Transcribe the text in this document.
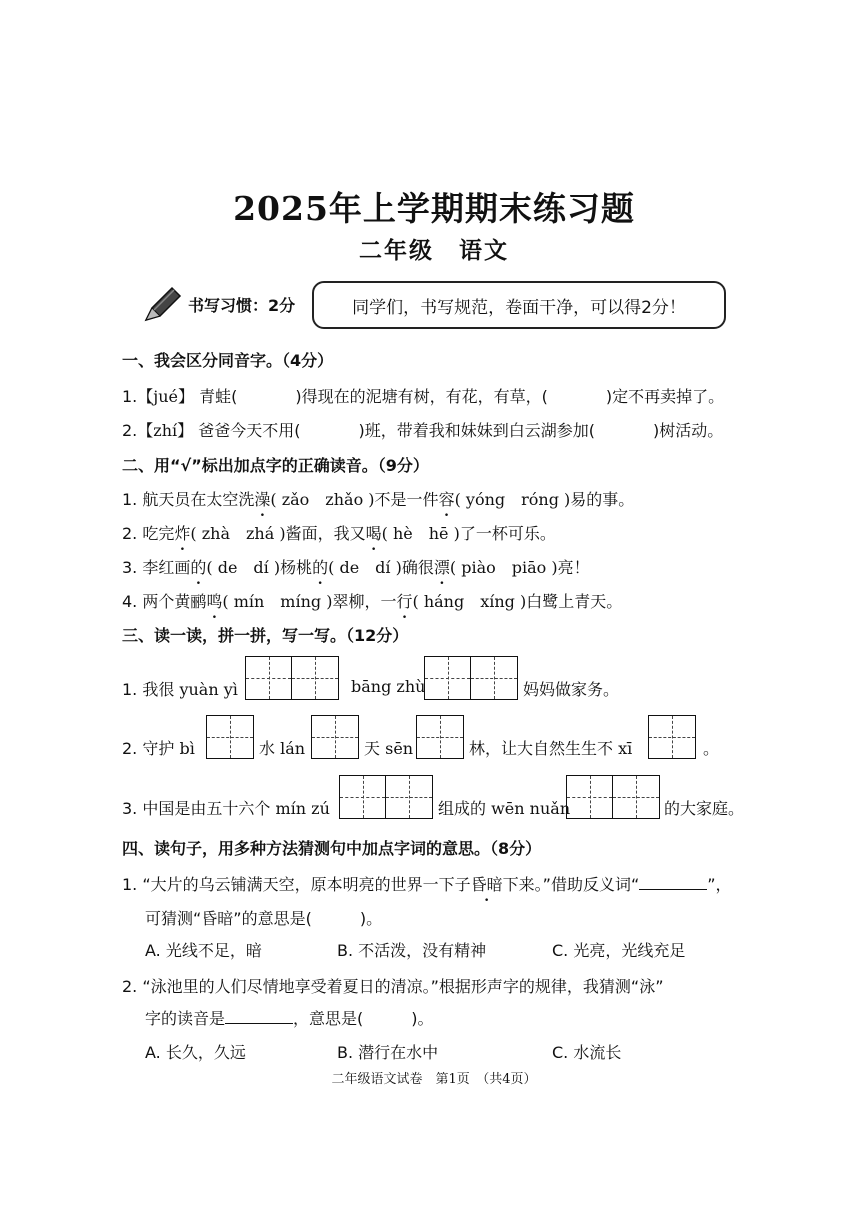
2025年上学期期末练习题
二年级　语文
书写习惯：2分	同学们，书写规范，卷面干净，可以得2分！
一、我会区分同音字。（4分）
1.【jué】 青蛙(	)得现在的泥塘有树，有花，有草，(	)定不再卖掉了。
2.【zhí】 爸爸今天不用(	)班，带着我和妹妹到白云湖参加(	)树活动。
二、用“√”标出加点字的正确读音。（9分）
1. 航天员在太空洗澡( zǎo　zhǎo )不是一件容( yóng　róng )易的事。
2. 吃完炸( zhà　zhá )酱面，我又喝( hè　hē )了一杯可乐。
3. 李红画的( de　dí )杨桃的( de　dí )确很漂( piào　piāo )亮！
4. 两个黄鹂鸣( mín　míng )翠柳，一行( háng　xíng )白鹭上青天。
三、读一读，拼一拼，写一写。（12分）
1. 我很 yuàn yì	bāng zhù	妈妈做家务。
2. 守护 bì	水 lán	天 sēn	林，让大自然生生不 xī	。
3. 中国是由五十六个 mín zú	组成的 wēn nuǎn	的大家庭。
四、读句子，用多种方法猜测句中加点字词的意思。（8分）
1. “大片的乌云铺满天空，原本明亮的世界一下子昏暗下来。”借助反义词“	”，
可猜测“昏暗”的意思是(　　　)。
A. 光线不足，暗	B. 不活泼，没有精神	C. 光亮，光线充足
2. “泳池里的人们尽情地享受着夏日的清凉。”根据形声字的规律，我猜测“泳”
字的读音是	，意思是(　　　)。
A. 长久，久远	B. 潜行在水中	C. 水流长
二年级语文试卷　第1页　（共4页）
